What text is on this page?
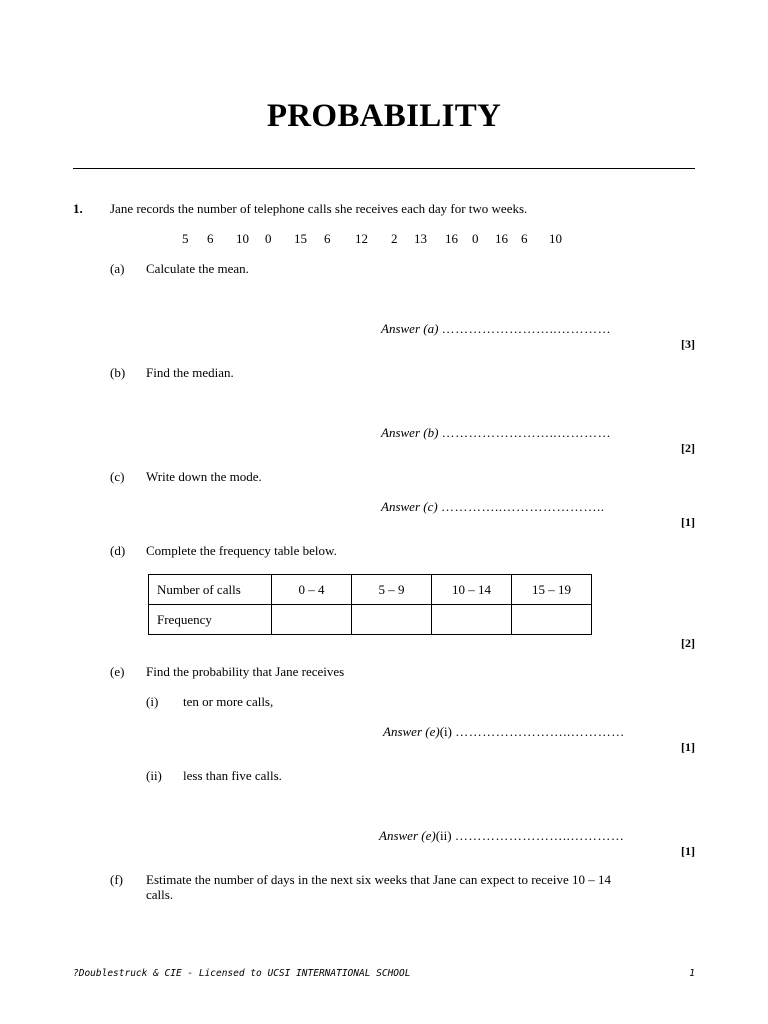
PROBABILITY
1. Jane records the number of telephone calls she receives each day for two weeks.
5 6 10 0 15 6 12 2 13 16 0 16 6 10
(a) Calculate the mean.
Answer (a) ……………………..…………
[3]
(b) Find the median.
Answer (b) ……………………..…………
[2]
(c) Write down the mode.
Answer (c) …………..…………………..
[1]
(d) Complete the frequency table below.
Number of calls	0 – 4	5 – 9	10 – 14	15 – 19
Frequency				
[2]
(e) Find the probability that Jane receives
(i) ten or more calls,
Answer (e)(i) ……………………..…………
[1]
(ii) less than five calls.
Answer (e)(ii) ……………………..…………
[1]
(f) Estimate the number of days in the next six weeks that Jane can expect to receive 10 – 14
calls.
?Doublestruck & CIE - Licensed to UCSI INTERNATIONAL SCHOOL	1
